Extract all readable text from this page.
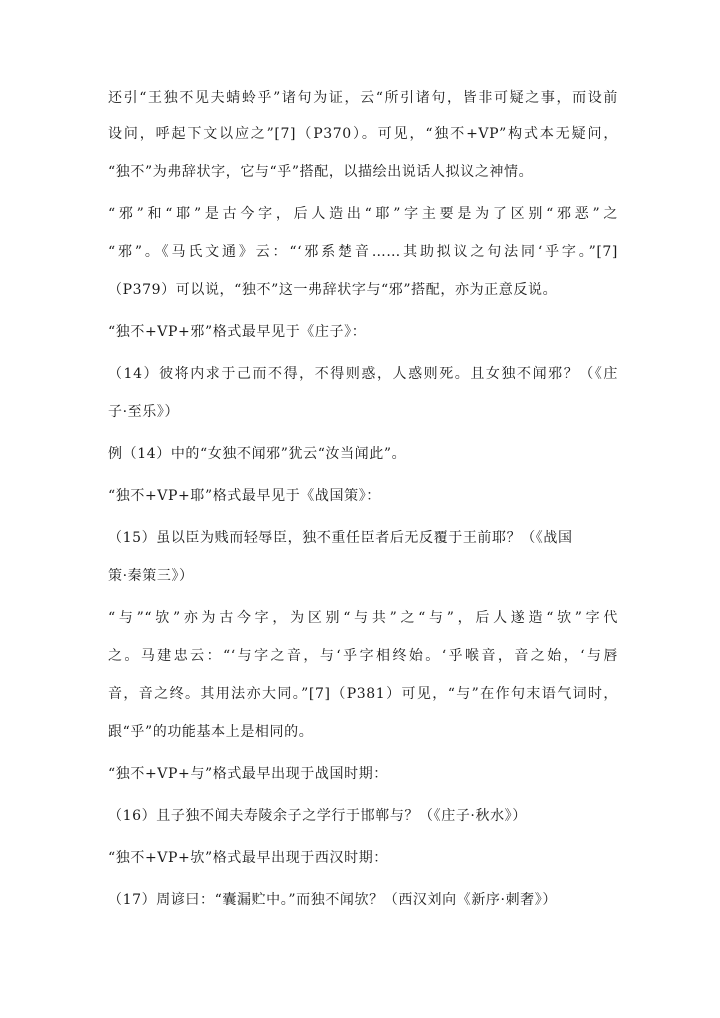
还引“王独不见夫蜻蛉乎”诸句为证，云“所引诸句，皆非可疑之事，而设前
设问，呼起下文以应之”[7]（P370）。可见，“独不+VP”构式本无疑问，
“独不”为弗辞状字，它与“乎”搭配，以描绘出说话人拟议之神情。
“邪”和“耶”是古今字，后人造出“耶”字主要是为了区别“邪恶”之
“邪”。《马氏文通》云：“‘邪系楚音……其助拟议之句法同‘乎字。”[7]
（P379）可以说，“独不”这一弗辞状字与“邪”搭配，亦为正意反说。
“独不+VP+邪”格式最早见于《庄子》：
（14）彼将内求于己而不得，不得则惑，人惑则死。且女独不闻邪？（《庄
子·至乐》）
例（14）中的“女独不闻邪”犹云“汝当闻此”。
“独不+VP+耶”格式最早见于《战国策》：
（15）虽以臣为贱而轻辱臣，独不重任臣者后无反覆于王前耶？（《战国
策·秦策三》）
“与”“欤”亦为古今字，为区别“与共”之“与”，后人遂造“欤”字代
之。马建忠云：“‘与字之音，与‘乎字相终始。‘乎喉音，音之始，‘与唇
音，音之终。其用法亦大同。”[7]（P381）可见，“与”在作句末语气词时，
跟“乎”的功能基本上是相同的。
“独不+VP+与”格式最早出现于战国时期：
（16）且子独不闻夫寿陵余子之学行于邯郸与？（《庄子·秋水》）
“独不+VP+欤”格式最早出现于西汉时期：
（17）周谚曰：“囊漏贮中。”而独不闻欤？（西汉刘向《新序·刺奢》）
